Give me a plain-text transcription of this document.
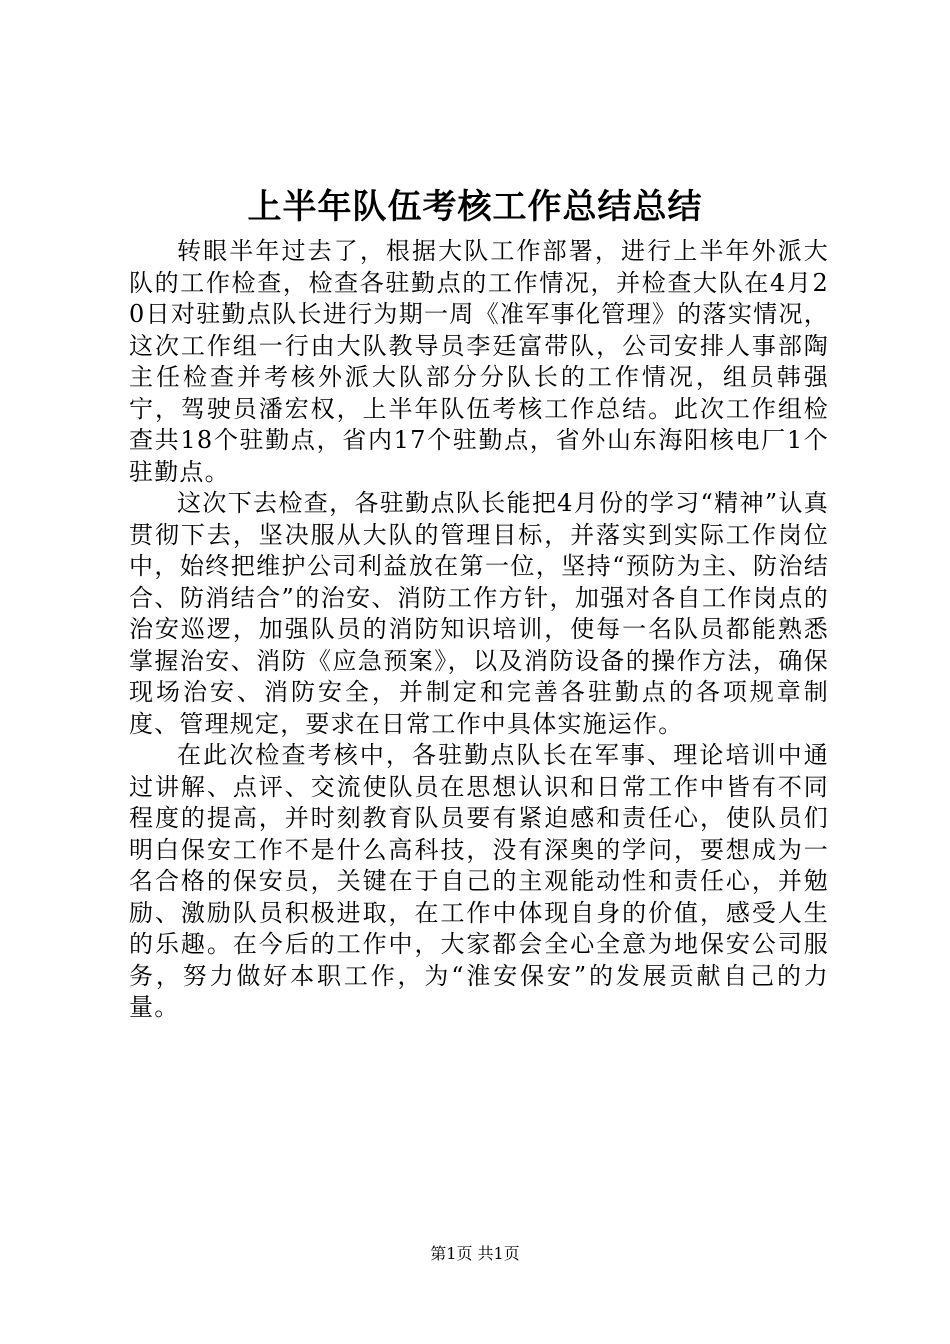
上半年队伍考核工作总结总结

转眼半年过去了，根据大队工作部署，进行上半年外派大队的工作检查，检查各驻勤点的工作情况，并检查大队在4月20日对驻勤点队长进行为期一周《准军事化管理》的落实情况，这次工作组一行由大队教导员李廷富带队，公司安排人事部陶主任检查并考核外派大队部分分队长的工作情况，组员韩强宁，驾驶员潘宏权，上半年队伍考核工作总结。此次工作组检查共18个驻勤点，省内17个驻勤点，省外山东海阳核电厂1个驻勤点。

这次下去检查，各驻勤点队长能把4月份的学习“精神”认真贯彻下去，坚决服从大队的管理目标，并落实到实际工作岗位中，始终把维护公司利益放在第一位，坚持“预防为主、防治结合、防消结合”的治安、消防工作方针，加强对各自工作岗点的治安巡逻，加强队员的消防知识培训，使每一名队员都能熟悉掌握治安、消防《应急预案》，以及消防设备的操作方法，确保现场治安、消防安全，并制定和完善各驻勤点的各项规章制度、管理规定，要求在日常工作中具体实施运作。

在此次检查考核中，各驻勤点队长在军事、理论培训中通过讲解、点评、交流使队员在思想认识和日常工作中皆有不同程度的提高，并时刻教育队员要有紧迫感和责任心，使队员们明白保安工作不是什么高科技，没有深奥的学问，要想成为一名合格的保安员，关键在于自己的主观能动性和责任心，并勉励、激励队员积极进取，在工作中体现自身的价值，感受人生的乐趣。在今后的工作中，大家都会全心全意为地保安公司服务，努力做好本职工作，为“淮安保安”的发展贡献自己的力量。

第1页 共1页
